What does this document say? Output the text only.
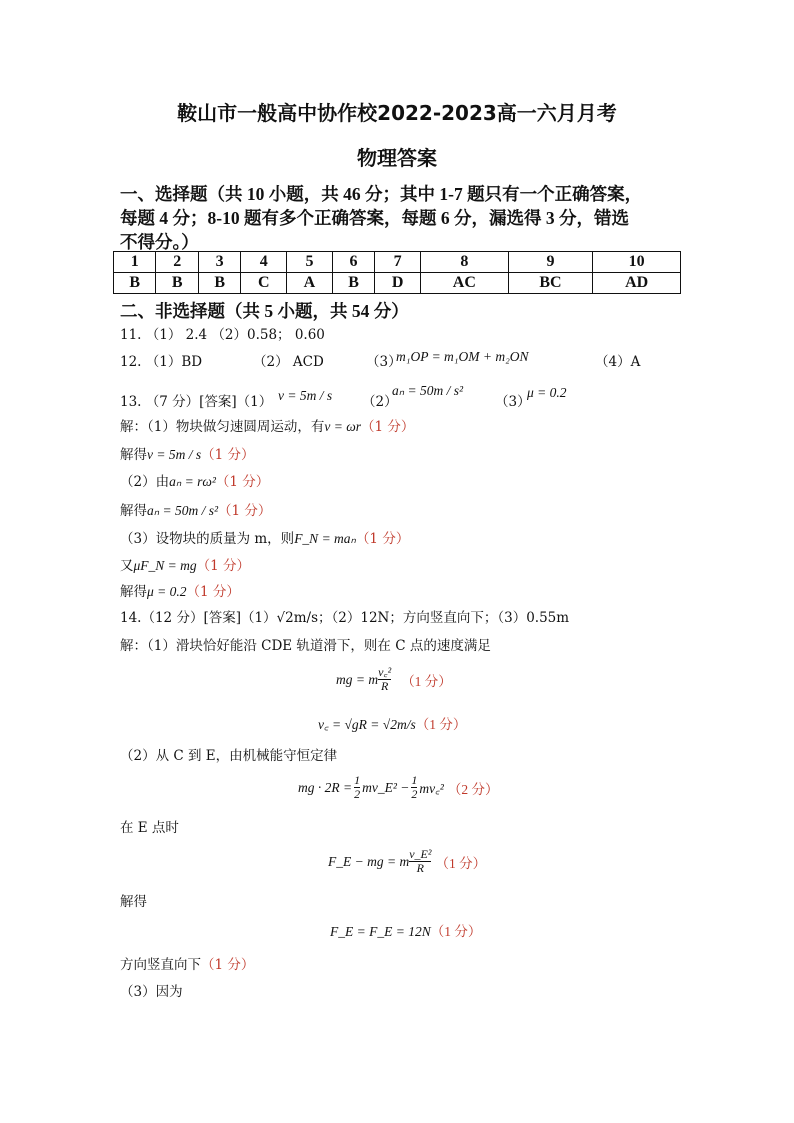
鞍山市一般高中协作校2022-2023高一六月月考
物理答案
一、选择题（共 10 小题，共 46 分；其中 1-7 题只有一个正确答案，
每题 4 分；8-10 题有多个正确答案，每题 6 分，漏选得 3 分，错选
不得分。）
1	2	3	4	5	6	7	8	9	10
B	B	B	C	A	B	D	AC	BC	AD
二、非选择题（共 5 小题，共 54 分）
11. （1） 2.4 （2）0.58； 0.60
12. （1）BD	（2） ACD	（3）
m₁OP = m₁OM + m₂ON	（4）A
13. （7 分）[答案]（1） v = 5m / s （2）
aₙ = 50m / s²
（3）
μ = 0.2
解：（1）物块做匀速圆周运动，有v = ωr（1 分）
解得v = 5m / s（1 分）
（2）由aₙ = rω²（1 分）
解得aₙ = 50m / s²（1 分）
（3）设物块的质量为 m，则F_N = maₙ（1 分）
又μF_N = mg（1 分）
解得μ = 0.2（1 分）
14.（12 分）[答案]（1）√2m/s；（2）12N；方向竖直向下；（3）0.55m
解：（1）滑块恰好能沿 CDE 轨道滑下，则在 C 点的速度满足
mg = m $\frac{\text{v꜀²}}{R} (1$ 分）
v꜀ = √gR = √2m/s（1 分）
（2）从 C 到 E，由机械能守恒定律
mg · $2R = \frac{1}{2}$ mv_E² − $\frac{1}{2}$ mv꜀² （2 分）
在 E 点时
F_E − mg = m $\frac{\text{v\_E²}}{R} (1$ 分）
解得
F_E = F_E = 12N（1 分）
方向竖直向下（1 分）
（3）因为
